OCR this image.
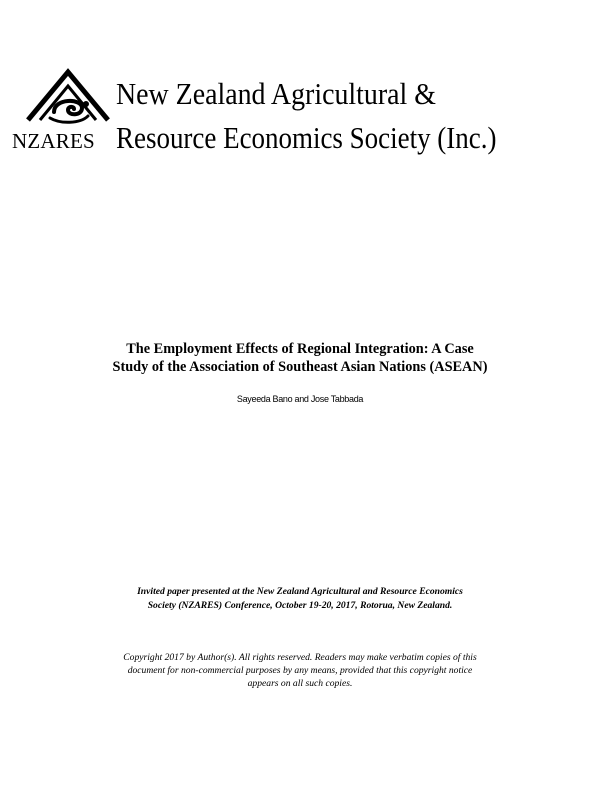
NZARES
New Zealand Agricultural &
Resource Economics Society (Inc.)
The Employment Effects of Regional Integration: A Case
Study of the Association of Southeast Asian Nations (ASEAN)
Sayeeda Bano and Jose Tabbada
Invited paper presented at the New Zealand Agricultural and Resource Economics
Society (NZARES) Conference, October 19-20, 2017, Rotorua, New Zealand.
Copyright 2017 by Author(s). All rights reserved. Readers may make verbatim copies of this
document for non-commercial purposes by any means, provided that this copyright notice
appears on all such copies.
